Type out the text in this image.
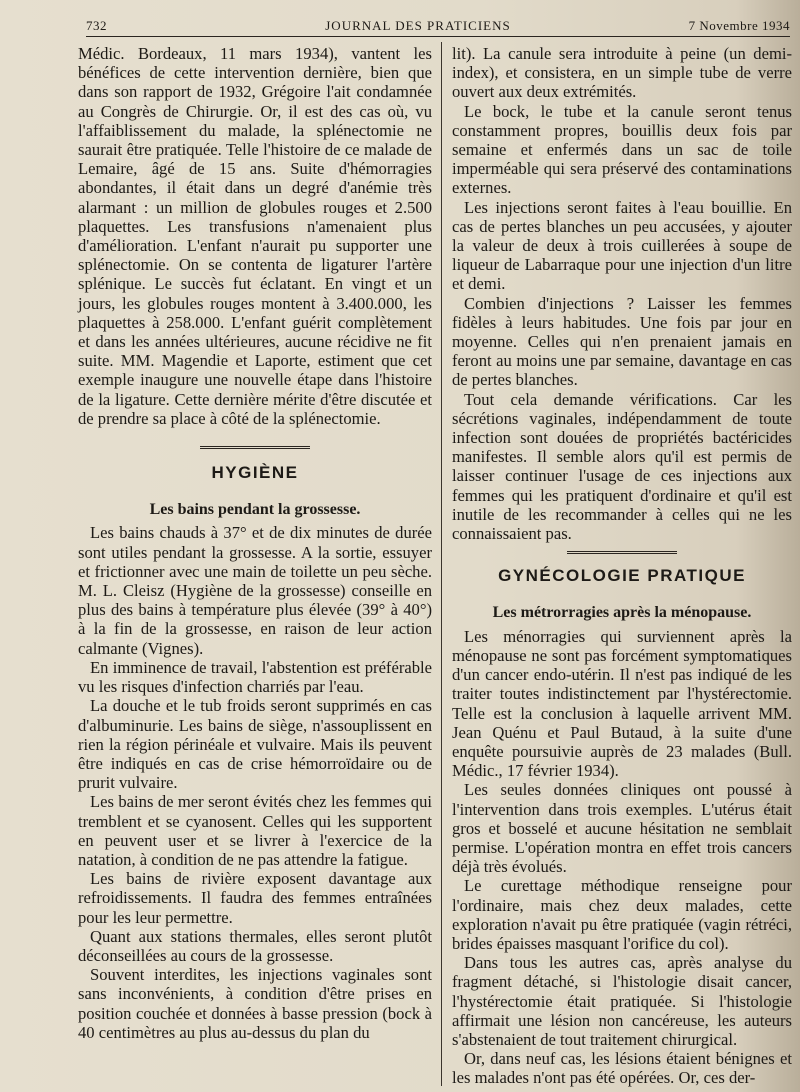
732	JOURNAL DES PRATICIENS	7 Novembre 1934

Médic. Bordeaux, 11 mars 1934), vantent les bénéfices de cette intervention dernière, bien que dans son rapport de 1932, Grégoire l'ait condamnée au Congrès de Chirurgie. Or, il est des cas où, vu l'affaiblissement du malade, la splénectomie ne saurait être pratiquée. Telle l'histoire de ce malade de Lemaire, âgé de 15 ans. Suite d'hémorragies abondantes, il était dans un degré d'anémie très alarmant : un million de globules rouges et 2.500 plaquettes. Les transfusions n'amenaient plus d'amélioration. L'enfant n'aurait pu supporter une splénectomie. On se contenta de ligaturer l'artère splénique. Le succès fut éclatant. En vingt et un jours, les globules rouges montent à 3.400.000, les plaquettes à 258.000. L'enfant guérit complètement et dans les années ultérieures, aucune récidive ne fit suite. MM. Magendie et Laporte, estiment que cet exemple inaugure une nouvelle étape dans l'histoire de la ligature. Cette dernière mérite d'être discutée et de prendre sa place à côté de la splénectomie.

HYGIÈNE
Les bains pendant la grossesse.

Les bains chauds à 37° et de dix minutes de durée sont utiles pendant la grossesse. A la sortie, essuyer et frictionner avec une main de toilette un peu sèche. M. L. Cleisz (Hygiène de la grossesse) conseille en plus des bains à température plus élevée (39° à 40°) à la fin de la grossesse, en raison de leur action calmante (Vignes).

En imminence de travail, l'abstention est préférable vu les risques d'infection charriés par l'eau.

La douche et le tub froids seront supprimés en cas d'albuminurie. Les bains de siège, n'assouplissent en rien la région périnéale et vulvaire. Mais ils peuvent être indiqués en cas de crise hémorroïdaire ou de prurit vulvaire.

Les bains de mer seront évités chez les femmes qui tremblent et se cyanosent. Celles qui les supportent en peuvent user et se livrer à l'exercice de la natation, à condition de ne pas attendre la fatigue.

Les bains de rivière exposent davantage aux refroidissements. Il faudra des femmes entraînées pour les leur permettre.

Quant aux stations thermales, elles seront plutôt déconseillées au cours de la grossesse.

Souvent interdites, les injections vaginales sont sans inconvénients, à condition d'être prises en position couchée et données à basse pression (bock à 40 centimètres au plus au-dessus du plan du

lit). La canule sera introduite à peine (un demi-index), et consistera, en un simple tube de verre ouvert aux deux extrémités.

Le bock, le tube et la canule seront tenus constamment propres, bouillis deux fois par semaine et enfermés dans un sac de toile imperméable qui sera préservé des contaminations externes.

Les injections seront faites à l'eau bouillie. En cas de pertes blanches un peu accusées, y ajouter la valeur de deux à trois cuillerées à soupe de liqueur de Labarraque pour une injection d'un litre et demi.

Combien d'injections ? Laisser les femmes fidèles à leurs habitudes. Une fois par jour en moyenne. Celles qui n'en prenaient jamais en feront au moins une par semaine, davantage en cas de pertes blanches.

Tout cela demande vérifications. Car les sécrétions vaginales, indépendamment de toute infection sont douées de propriétés bactéricides manifestes. Il semble alors qu'il est permis de laisser continuer l'usage de ces injections aux femmes qui les pratiquent d'ordinaire et qu'il est inutile de les recommander à celles qui ne les connaissaient pas.

GYNÉCOLOGIE PRATIQUE
Les métrorragies après la ménopause.

Les ménorragies qui surviennent après la ménopause ne sont pas forcément symptomatiques d'un cancer endo-utérin. Il n'est pas indiqué de les traiter toutes indistinctement par l'hystérectomie. Telle est la conclusion à laquelle arrivent MM. Jean Quénu et Paul Butaud, à la suite d'une enquête poursuivie auprès de 23 malades (Bull. Médic., 17 février 1934).

Les seules données cliniques ont poussé à l'intervention dans trois exemples. L'utérus était gros et bosselé et aucune hésitation ne semblait permise. L'opération montra en effet trois cancers déjà très évolués.

Le curettage méthodique renseigne pour l'ordinaire, mais chez deux malades, cette exploration n'avait pu être pratiquée (vagin rétréci, brides épaisses masquant l'orifice du col).

Dans tous les autres cas, après analyse du fragment détaché, si l'histologie disait cancer, l'hystérectomie était pratiquée. Si l'histologie affirmait une lésion non cancéreuse, les auteurs s'abstenaient de tout traitement chirurgical.

Or, dans neuf cas, les lésions étaient bénignes et les malades n'ont pas été opérées. Or, ces der-
